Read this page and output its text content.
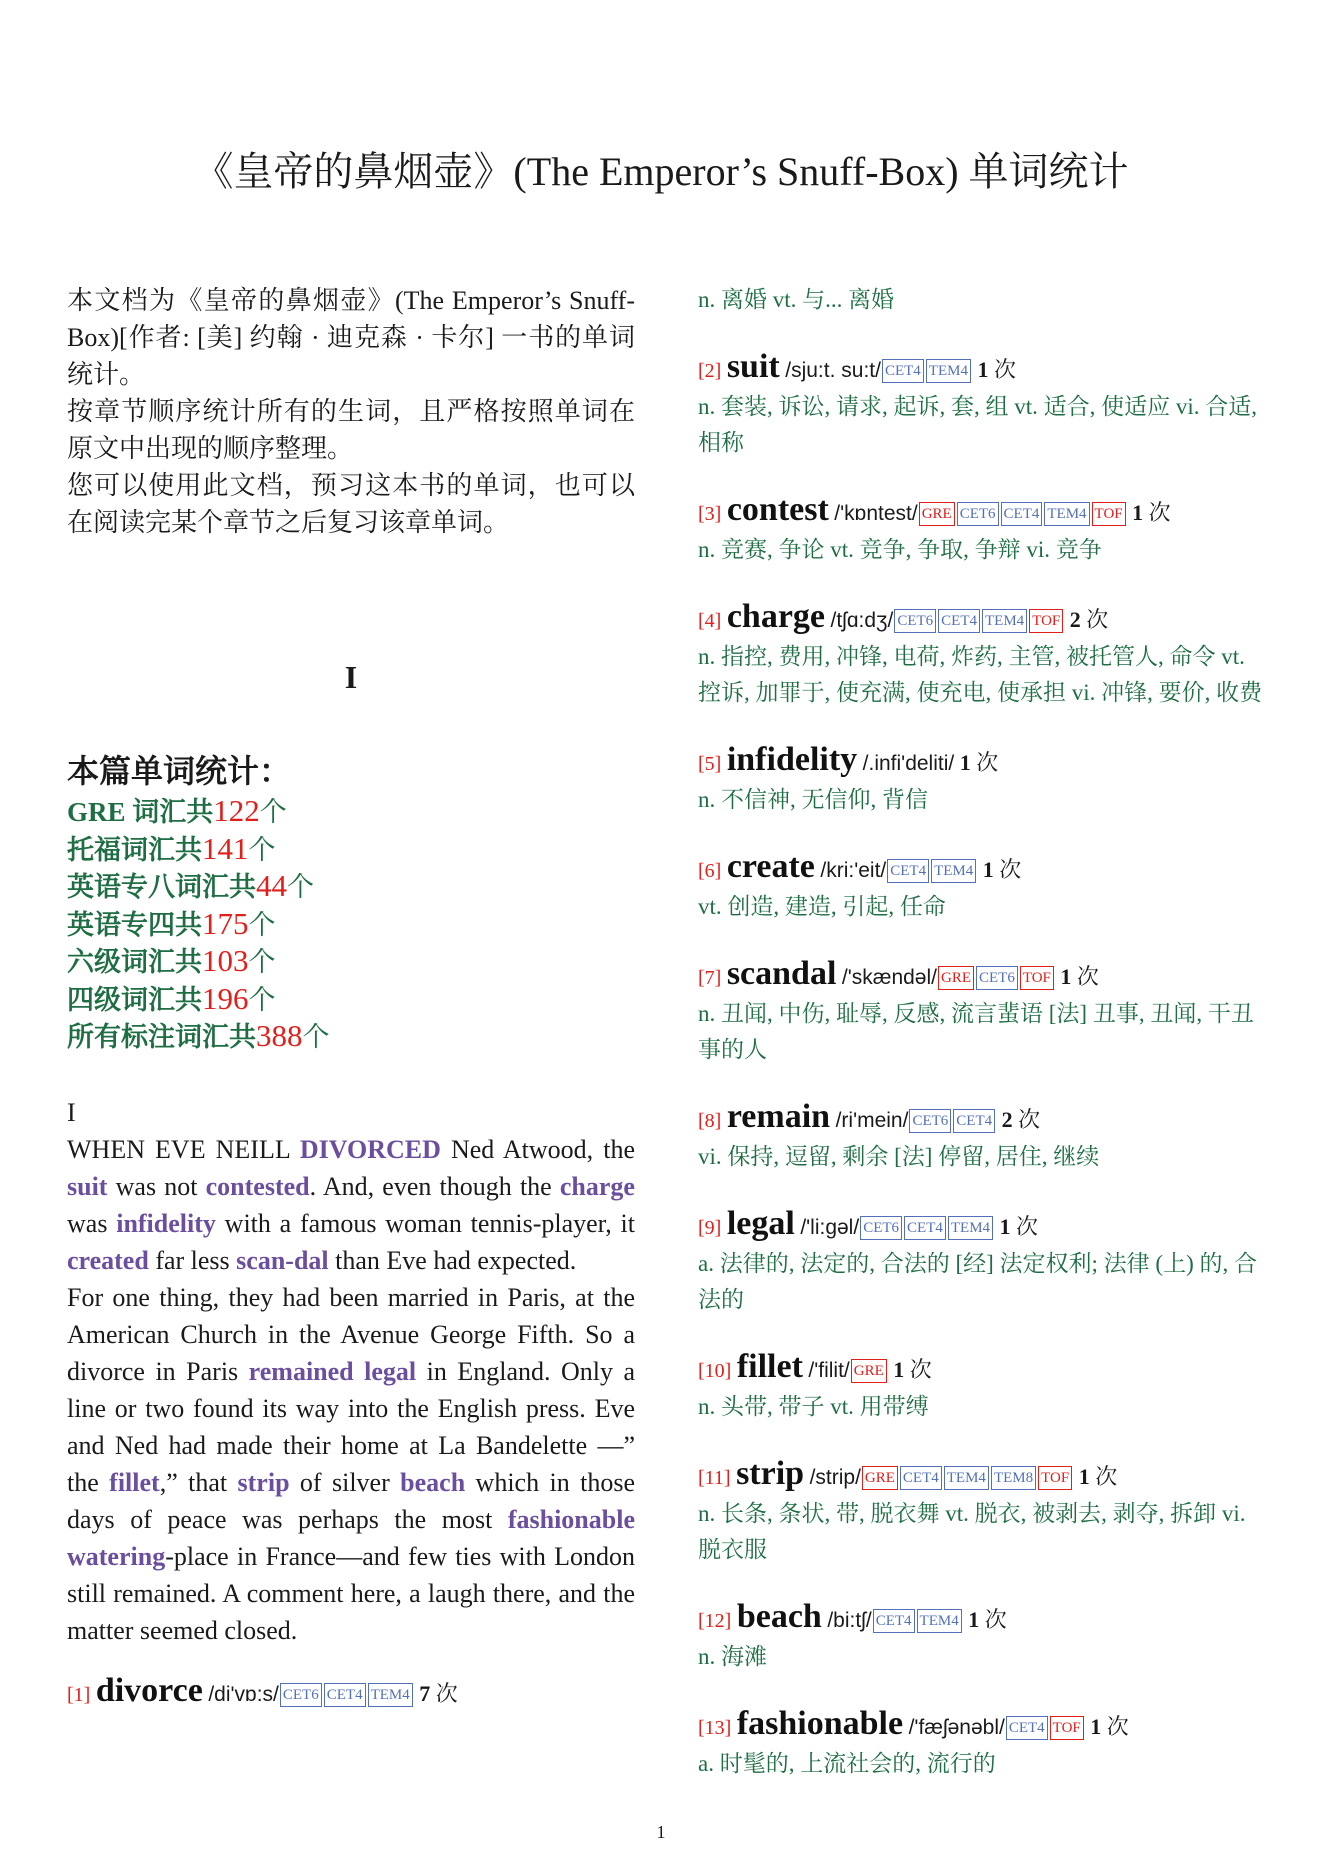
《皇帝的鼻烟壶》(The Emperor’s Snuff-Box) 单词统计

本文档为《皇帝的鼻烟壶》(The Emperor’s Snuff-Box)[作者: [美] 约翰 · 迪克森 · 卡尔] 一书的单词统计。

按章节顺序统计所有的生词，且严格按照单词在原文中出现的顺序整理。

您可以使用此文档，预习这本书的单词，也可以在阅读完某个章节之后复习该章单词。

I
本篇单词统计：
GRE 词汇共122个
托福词汇共141个
英语专八词汇共44个
英语专四共175个
六级词汇共103个
四级词汇共196个
所有标注词汇共388个

I

WHEN EVE NEILL DIVORCED Ned Atwood, the suit was not contested. And, even though the charge was infidelity with a famous woman tennis-player, it created far less scan-dal than Eve had expected.

For one thing, they had been married in Paris, at the American Church in the Avenue George Fifth. So a divorce in Paris remained legal in England. Only a line or two found its way into the English press. Eve and Ned had made their home at La Bandelette —” the fillet,” that strip of silver beach which in those days of peace was perhaps the most fashionable watering-place in France—and few ties with London still remained. A comment here, a laugh there, and the matter seemed closed.

[1] divorce /di'vɒ:s/ CET6 CET4 TEM4 7 次
n. 离婚 vt. 与... 离婚
[2] suit /sju:t. su:t/ CET4 TEM4 1 次
n. 套装, 诉讼, 请求, 起诉, 套, 组 vt. 适合, 使适应 vi. 合适, 相称
[3] contest /'kɒntest/ GRE CET6 CET4 TEM4 TOF 1 次
n. 竞赛, 争论 vt. 竞争, 争取, 争辩 vi. 竞争
[4] charge /tʃɑ:dʒ/ CET6 CET4 TEM4 TOF 2 次
n. 指控, 费用, 冲锋, 电荷, 炸药, 主管, 被托管人, 命令 vt. 控诉, 加罪于, 使充满, 使充电, 使承担 vi. 冲锋, 要价, 收费
[5] infidelity /.infi'deliti/ 1 次
n. 不信神, 无信仰, 背信
[6] create /kri:'eit/ CET4 TEM4 1 次
vt. 创造, 建造, 引起, 任命
[7] scandal /'skændəl/ GRE CET6 TOF 1 次
n. 丑闻, 中伤, 耻辱, 反感, 流言蜚语 [法] 丑事, 丑闻, 干丑事的人
[8] remain /ri'mein/ CET6 CET4 2 次
vi. 保持, 逗留, 剩余 [法] 停留, 居住, 继续
[9] legal /'li:gəl/ CET6 CET4 TEM4 1 次
a. 法律的, 法定的, 合法的 [经] 法定权利; 法律 (上) 的, 合法的
[10] fillet /'filit/ GRE 1 次
n. 头带, 带子 vt. 用带缚
[11] strip /strip/ GRE CET4 TEM4 TEM8 TOF 1 次
n. 长条, 条状, 带, 脱衣舞 vt. 脱衣, 被剥去, 剥夺, 拆卸 vi. 脱衣服
[12] beach /bi:tʃ/ CET4 TEM4 1 次
n. 海滩
[13] fashionable /'fæʃənəbl/ CET4 TOF 1 次
a. 时髦的, 上流社会的, 流行的
1
